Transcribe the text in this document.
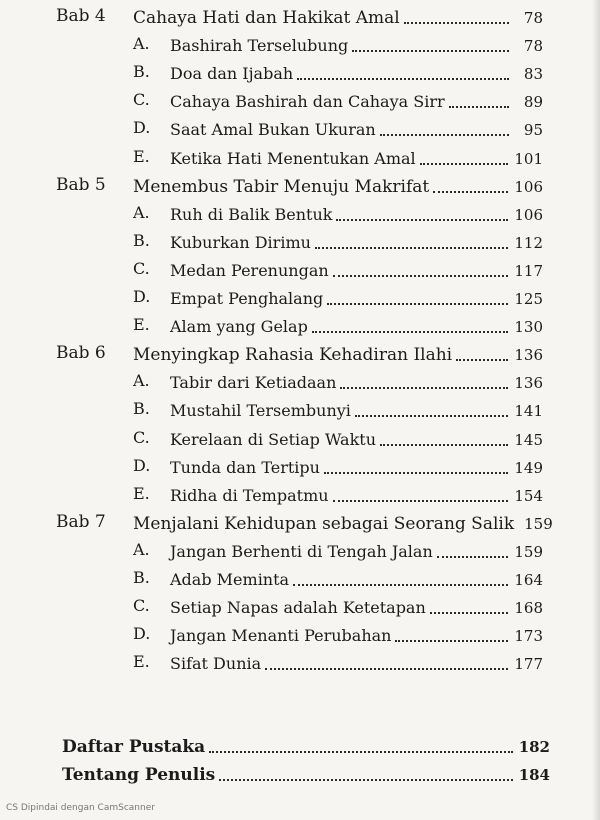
Bab 4 Cahaya Hati dan Hakikat Amal	78
A. Bashirah Terselubung	78
B. Doa dan Ijabah	83
C. Cahaya Bashirah dan Cahaya Sirr	89
D. Saat Amal Bukan Ukuran	95
E. Ketika Hati Menentukan Amal	101
Bab 5 Menembus Tabir Menuju Makrifat	106
A. Ruh di Balik Bentuk	106
B. Kuburkan Dirimu	112
C. Medan Perenungan	117
D. Empat Penghalang	125
E. Alam yang Gelap	130
Bab 6 Menyingkap Rahasia Kehadiran Ilahi	136
A. Tabir dari Ketiadaan	136
B. Mustahil Tersembunyi	141
C. Kerelaan di Setiap Waktu	145
D. Tunda dan Tertipu	149
E. Ridha di Tempatmu	154
Bab 7 Menjalani Kehidupan sebagai Seorang Salik 159
A. Jangan Berhenti di Tengah Jalan	159
B. Adab Meminta	164
C. Setiap Napas adalah Ketetapan	168
D. Jangan Menanti Perubahan	173
E. Sifat Dunia	177
Daftar Pustaka	182
Tentang Penulis	184
CS Dipindai dengan CamScanner
